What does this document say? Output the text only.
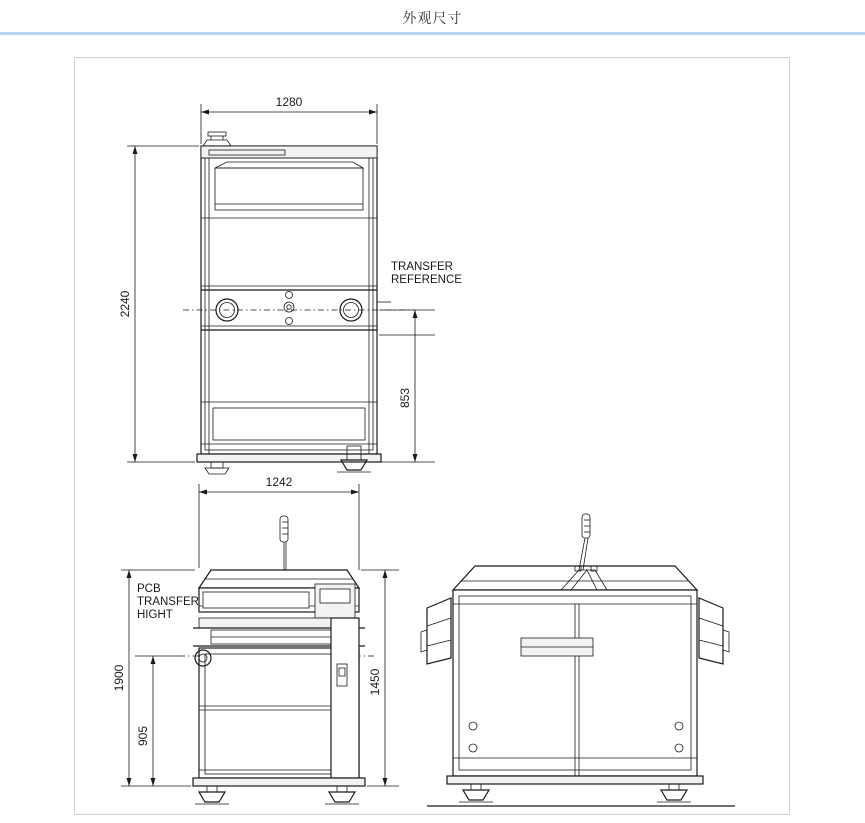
外观尺寸
1280
2240
853
TRANSFER
REFERENCE
1242
1900
905
1450
PCB
TRANSFER
HIGHT
